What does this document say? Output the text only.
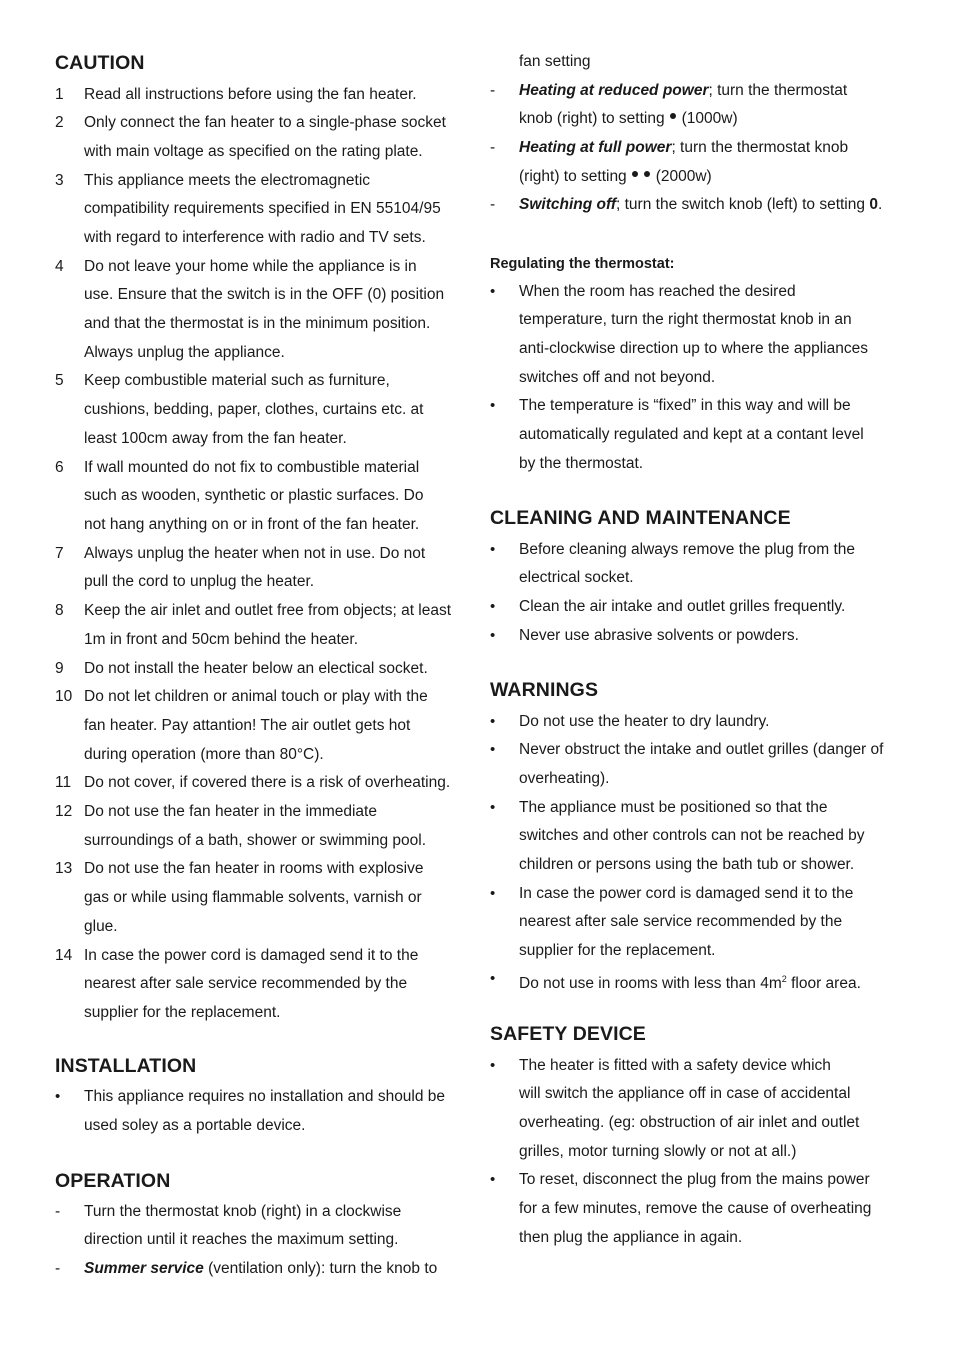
CAUTION
1	Read all instructions before using the fan heater.
2	Only connect the fan heater to a single-phase socket
with main voltage as specified on the rating plate.
3	This appliance meets the electromagnetic
compatibility requirements specified in EN 55104/95
with regard to interference with radio and TV sets.
4	Do not leave your home while the appliance is in
use. Ensure that the switch is in the OFF (0) position
and that the thermostat is in the minimum position.
Always unplug the appliance.
5	Keep combustible material such as furniture,
cushions, bedding, paper, clothes, curtains etc. at
least 100cm away from the fan heater.
6	If wall mounted do not fix to combustible material
such as wooden, synthetic or plastic surfaces. Do
not hang anything on or in front of the fan heater.
7	Always unplug the heater when not in use. Do not
pull the cord to unplug the heater.
8	Keep the air inlet and outlet free from objects; at least
1m in front and 50cm behind the heater.
9	Do not install the heater below an electical socket.
10 Do not let children or animal touch or play with the
fan heater. Pay attantion! The air outlet gets hot
during operation (more than 80°C).
11 Do not cover, if covered there is a risk of overheating.
12 Do not use the fan heater in the immediate
surroundings of a bath, shower or swimming pool.
13 Do not use the fan heater in rooms with explosive
gas or while using flammable solvents, varnish or
glue.
14 In case the power cord is damaged send it to the
nearest after sale service recommended by the
supplier for the replacement.
INSTALLATION
•	This appliance requires no installation and should be
used soley as a portable device.
OPERATION
-	Turn the thermostat knob (right) in a clockwise
direction until it reaches the maximum setting.
-	Summer service (ventilation only): turn the knob to
fan setting
-	Heating at reduced power; turn the thermostat
knob (right) to setting (1000w)
-	Heating at full power; turn the thermostat knob
(right) to setting (2000w)
-	Switching off; turn the switch knob (left) to setting 0.
Regulating the thermostat:
•	When the room has reached the desired
temperature, turn the right thermostat knob in an
anti-clockwise direction up to where the appliances
switches off and not beyond.
•	The temperature is “fixed” in this way and will be
automatically regulated and kept at a contant level
by the thermostat.
CLEANING AND MAINTENANCE
•	Before cleaning always remove the plug from the
electrical socket.
•	Clean the air intake and outlet grilles frequently.
•	Never use abrasive solvents or powders.
WARNINGS
•	Do not use the heater to dry laundry.
•	Never obstruct the intake and outlet grilles (danger of
overheating).
•	The appliance must be positioned so that the
switches and other controls can not be reached by
children or persons using the bath tub or shower.
•	In case the power cord is damaged send it to the
nearest after sale service recommended by the
supplier for the replacement.
•	Do not use in rooms with less than $4m^2$ floor area.
SAFETY DEVICE
•	The heater is fitted with a safety device which
will switch the appliance off in case of accidental
overheating. (eg: obstruction of air inlet and outlet
grilles, motor turning slowly or not at all.)
•	To reset, disconnect the plug from the mains power
for a few minutes, remove the cause of overheating
then plug the appliance in again.
